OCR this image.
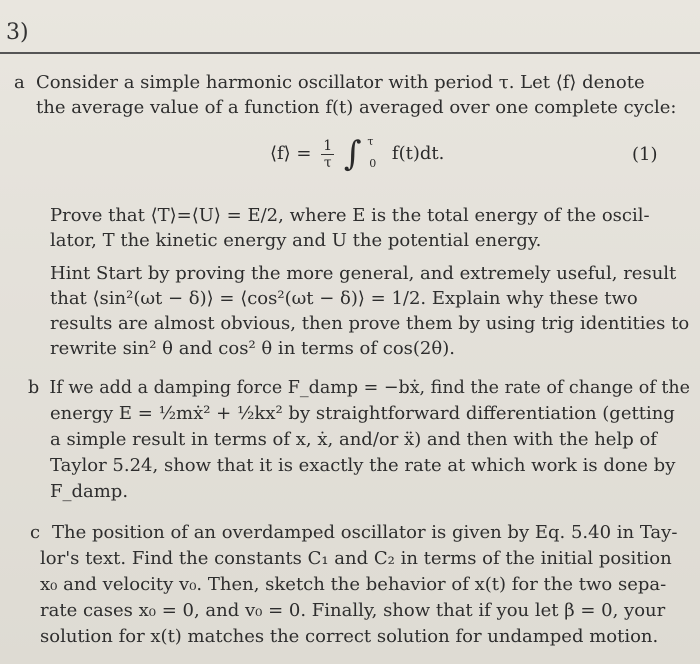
3)
a Consider a simple harmonic oscillator with period τ. Let ⟨f⟩ denote
the average value of a function f(t) averaged over one complete cycle:
⟨f⟩ = $\frac{1}{\tau}$ ∫ $^\tau$ $_0$ f(t)dt.	(1)
Prove that ⟨T⟩=⟨U⟩ = E/2, where E is the total energy of the oscil-
lator, T the kinetic energy and U the potential energy.
Hint Start by proving the more general, and extremely useful, result
that ⟨sin²(ωt − δ)⟩ = ⟨cos²(ωt − δ)⟩ = 1/2. Explain why these two
results are almost obvious, then prove them by using trig identities to
rewrite sin² θ and cos² θ in terms of cos(2θ).
b If we add a damping force F_damp = −bẋ, find the rate of change of the
energy E = ½mẋ² + ½kx² by straightforward differentiation (getting
a simple result in terms of x, ẋ, and/or ẍ) and then with the help of
Taylor 5.24, show that it is exactly the rate at which work is done by
F_damp.
c The position of an overdamped oscillator is given by Eq. 5.40 in Tay-
lor's text. Find the constants C₁ and C₂ in terms of the initial position
x₀ and velocity v₀. Then, sketch the behavior of x(t) for the two sepa-
rate cases x₀ = 0, and v₀ = 0. Finally, show that if you let β = 0, your
solution for x(t) matches the correct solution for undamped motion.
